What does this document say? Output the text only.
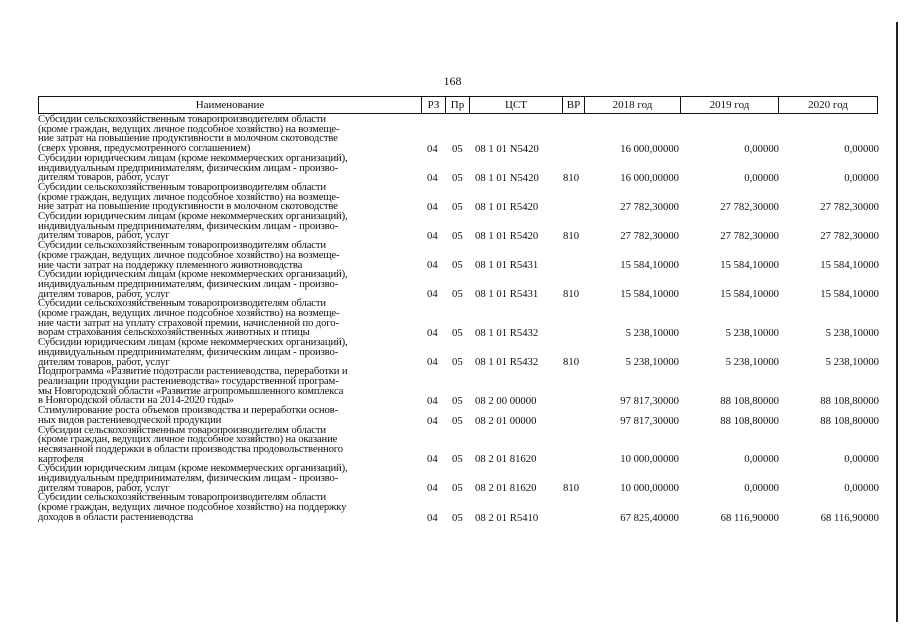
168
Наименование	РЗ	Пр	ЦСТ	ВР	2018 год	2019 год	2020 год
Субсидии сельскохозяйственным товаропроизводителям области
(кроме граждан, ведущих личное подсобное хозяйство) на возмеще-
ние затрат на повышение продуктивности в молочном скотоводстве
(сверх уровня, предусмотренного соглашением)	04 05 08 1 01 N5420	16 000,00000	0,00000	0,00000
Субсидии юридическим лицам (кроме некоммерческих организаций),
индивидуальным предпринимателям, физическим лицам - произво-
дителям товаров, работ, услуг	04 05 08 1 01 N5420 810	16 000,00000	0,00000	0,00000
Субсидии сельскохозяйственным товаропроизводителям области
(кроме граждан, ведущих личное подсобное хозяйство) на возмеще-
ние затрат на повышение продуктивности в молочном скотоводстве	04 05 08 1 01 R5420	27 782,30000	27 782,30000	27 782,30000
Субсидии юридическим лицам (кроме некоммерческих организаций),
индивидуальным предпринимателям, физическим лицам - произво-
дителям товаров, работ, услуг	04 05 08 1 01 R5420 810	27 782,30000	27 782,30000	27 782,30000
Субсидии сельскохозяйственным товаропроизводителям области
(кроме граждан, ведущих личное подсобное хозяйство) на возмеще-
ние части затрат на поддержку племенного животноводства	04 05 08 1 01 R5431	15 584,10000	15 584,10000	15 584,10000
Субсидии юридическим лицам (кроме некоммерческих организаций),
индивидуальным предпринимателям, физическим лицам - произво-
дителям товаров, работ, услуг	04 05 08 1 01 R5431 810	15 584,10000	15 584,10000	15 584,10000
Субсидии сельскохозяйственным товаропроизводителям области
(кроме граждан, ведущих личное подсобное хозяйство) на возмеще-
ние части затрат на уплату страховой премии, начисленной по дого-
ворам страхования сельскохозяйственных животных и птицы	04 05 08 1 01 R5432	5 238,10000	5 238,10000	5 238,10000
Субсидии юридическим лицам (кроме некоммерческих организаций),
индивидуальным предпринимателям, физическим лицам - произво-
дителям товаров, работ, услуг	04 05 08 1 01 R5432 810	5 238,10000	5 238,10000	5 238,10000
Подпрограмма «Развитие подотрасли растениеводства, переработки и
реализации продукции растениеводства» государственной програм-
мы Новгородской области «Развитие агропромышленного комплекса
в Новгородской области на 2014-2020 годы»	04 05 08 2 00 00000	97 817,30000	88 108,80000	88 108,80000
Стимулирование роста объемов производства и переработки основ-
ных видов растениеводческой продукции	04 05 08 2 01 00000	97 817,30000	88 108,80000	88 108,80000
Субсидии сельскохозяйственным товаропроизводителям области
(кроме граждан, ведущих личное подсобное хозяйство) на оказание
несвязанной поддержки в области производства продовольственного
картофеля	04 05 08 2 01 81620	10 000,00000	0,00000	0,00000
Субсидии юридическим лицам (кроме некоммерческих организаций),
индивидуальным предпринимателям, физическим лицам - произво-
дителям товаров, работ, услуг	04 05 08 2 01 81620 810	10 000,00000	0,00000	0,00000
Субсидии сельскохозяйственным товаропроизводителям области
(кроме граждан, ведущих личное подсобное хозяйство) на поддержку
доходов в области растениеводства	04 05 08 2 01 R5410	67 825,40000	68 116,90000	68 116,90000
